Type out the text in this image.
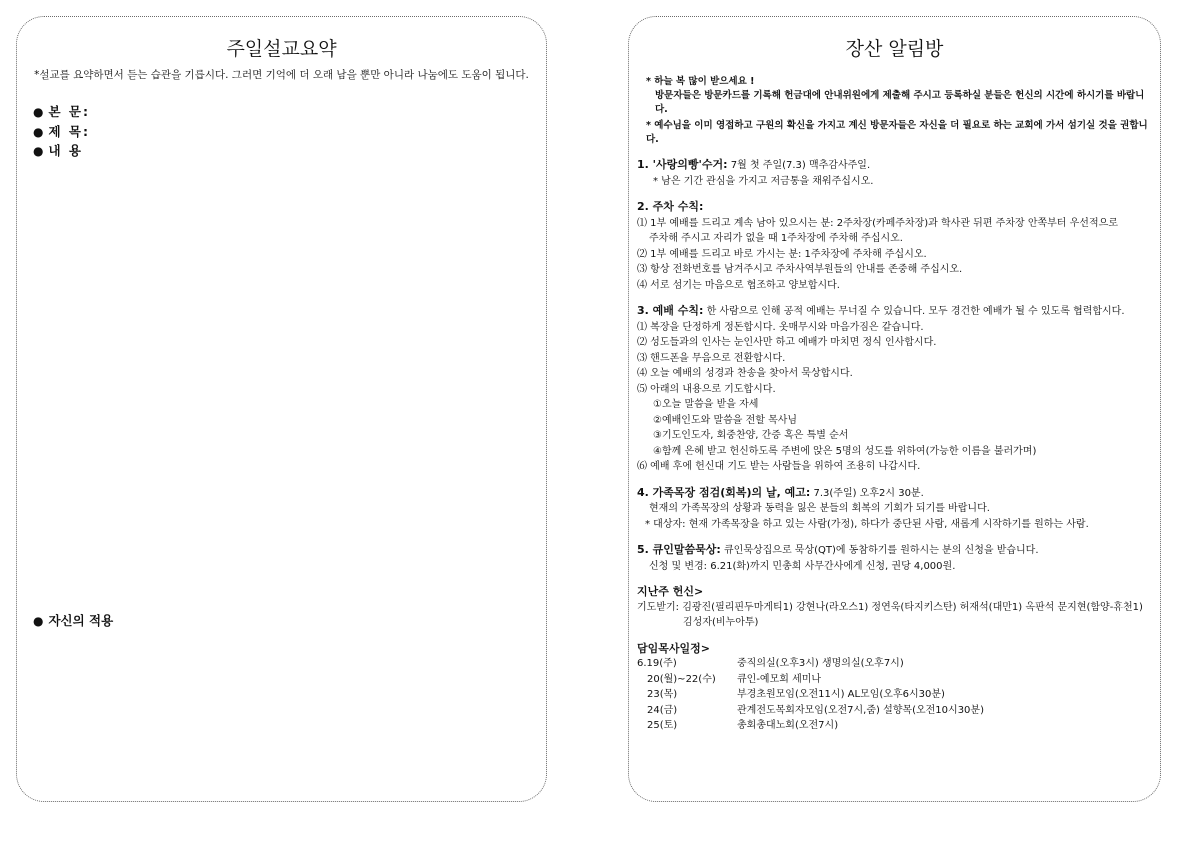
주일설교요약
*설교를 요약하면서 듣는 습관을 기릅시다. 그러면 기억에 더 오래 남을 뿐만 아니라 나눔에도 도움이 됩니다.
● 본 문:
● 제 목:
● 내 용
● 자신의 적용
장산 알림방
* 하늘 복 많이 받으세요 !
방문자들은 방문카드를 기록해 헌금대에 안내위원에게 제출해 주시고 등록하실 분들은 헌신의 시간에 하시기를 바랍니다.
* 예수님을 이미 영접하고 구원의 확신을 가지고 계신 방문자들은 자신을 더 필요로 하는 교회에 가서 섬기실 것을 권합니다.
1. '사랑의빵'수거: 7월 첫 주일(7.3) 맥추감사주일.
* 남은 기간 관심을 가지고 저금통을 채워주십시오.
2. 주차 수칙:
⑴ 1부 예배를 드리고 계속 남아 있으시는 분: 2주차장(카페주차장)과 학사관 뒤편 주차장 안쪽부터 우선적으로
주차해 주시고 자리가 없을 때 1주차장에 주차해 주십시오.
⑵ 1부 예배를 드리고 바로 가시는 분: 1주차장에 주차해 주십시오.
⑶ 항상 전화번호를 남겨주시고 주차사역부원들의 안내를 존중해 주십시오.
⑷ 서로 섬기는 마음으로 협조하고 양보합시다.
3. 예배 수칙: 한 사람으로 인해 공적 예배는 무너질 수 있습니다. 모두 경건한 예배가 될 수 있도록 협력합시다.
⑴ 복장을 단정하게 정돈합시다. 옷매무시와 마음가짐은 같습니다.
⑵ 성도들과의 인사는 눈인사만 하고 예배가 마치면 정식 인사합시다.
⑶ 핸드폰을 무음으로 전환합시다.
⑷ 오늘 예배의 성경과 찬송을 찾아서 묵상합시다.
⑸ 아래의 내용으로 기도합시다.
①오늘 말씀을 받을 자세
②예배인도와 말씀을 전할 목사님
③기도인도자, 회중찬양, 간증 혹은 특별 순서
④함께 은혜 받고 헌신하도록 주변에 앉은 5명의 성도를 위하여(가능한 이름을 불러가며)
⑹ 예배 후에 헌신대 기도 받는 사람들을 위하여 조용히 나갑시다.
4. 가족목장 점검(회복)의 날, 예고: 7.3(주일) 오후2시 30분.
현재의 가족목장의 상황과 동력을 잃은 분들의 회복의 기회가 되기를 바랍니다.
* 대상자: 현재 가족목장을 하고 있는 사람(가정), 하다가 중단된 사람, 새롭게 시작하기를 원하는 사람.
5. 큐인말씀묵상: 큐인묵상집으로 묵상(QT)에 동참하기를 원하시는 분의 신청을 받습니다.
신청 및 변경: 6.21(화)까지 민총희 사무간사에게 신청, 권당 4,000원.
지난주 헌신>
기도받기: 김광진(필리핀두마게티1) 강현나(라오스1) 정연욱(타지키스탄) 허재석(대만1) 옥판석 문지현(함양-휴천1)
김성자(비누아투)
담임목사일정>
6.19(주)	중직의실(오후3시) 생명의실(오후7시)
20(월)~22(수)	큐인-예모회 세미나
23(목)	부경초원모임(오전11시) AL모임(오후6시30분)
24(금)	관계전도목회자모임(오전7시,줌) 설향목(오전10시30분)
25(토)	총회총대노회(오전7시)
